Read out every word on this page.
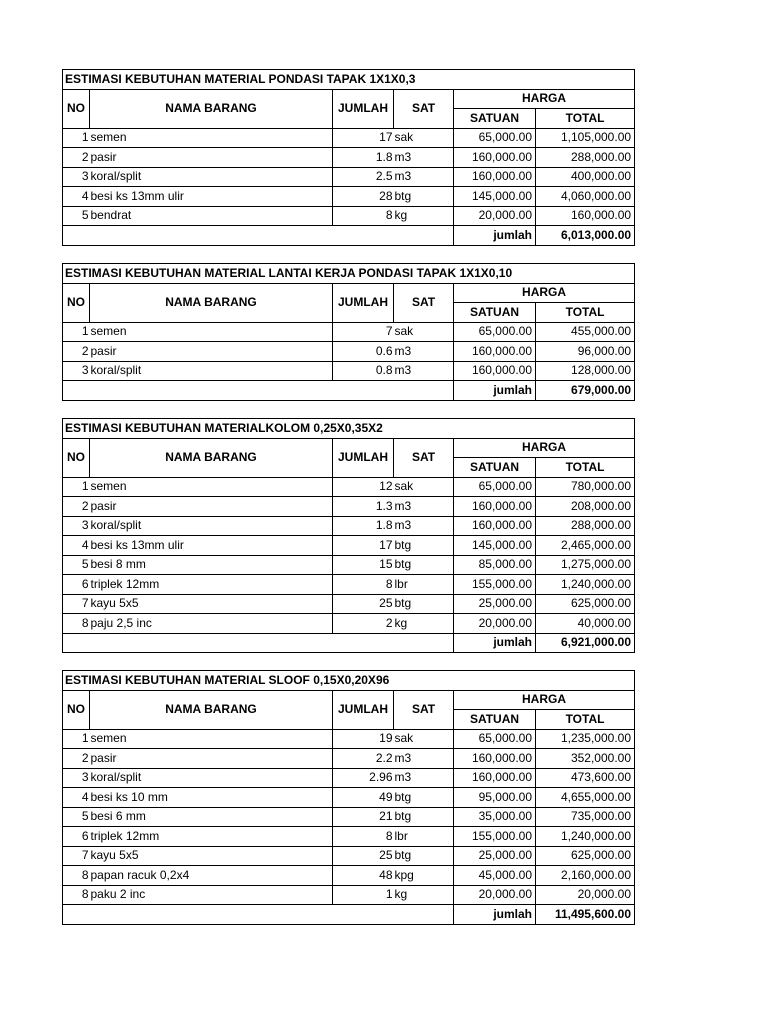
ESTIMASI KEBUTUHAN MATERIAL PONDASI TAPAK 1X1X0,3					
NO	NAMA BARANG	JUMLAH	SAT	HARGA	
				SATUAN	TOTAL
1	semen	17	sak	65,000.00	1,105,000.00
2	pasir	1.8	m3	160,000.00	288,000.00
3	koral/split	2.5	m3	160,000.00	400,000.00
4	besi ks 13mm ulir	28	btg	145,000.00	4,060,000.00
5	bendrat	8	kg	20,000.00	160,000.00
				jumlah	6,013,000.00
ESTIMASI KEBUTUHAN MATERIAL LANTAI KERJA PONDASI TAPAK 1X1X0,10					
NO	NAMA BARANG	JUMLAH	SAT	HARGA	
				SATUAN	TOTAL
1	semen	7	sak	65,000.00	455,000.00
2	pasir	0.6	m3	160,000.00	96,000.00
3	koral/split	0.8	m3	160,000.00	128,000.00
				jumlah	679,000.00
ESTIMASI KEBUTUHAN MATERIALKOLOM 0,25X0,35X2					
NO	NAMA BARANG	JUMLAH	SAT	HARGA	
				SATUAN	TOTAL
1	semen	12	sak	65,000.00	780,000.00
2	pasir	1.3	m3	160,000.00	208,000.00
3	koral/split	1.8	m3	160,000.00	288,000.00
4	besi ks 13mm ulir	17	btg	145,000.00	2,465,000.00
5	besi 8 mm	15	btg	85,000.00	1,275,000.00
6	triplek 12mm	8	lbr	155,000.00	1,240,000.00
7	kayu 5x5	25	btg	25,000.00	625,000.00
8	paju 2,5 inc	2	kg	20,000.00	40,000.00
				jumlah	6,921,000.00
ESTIMASI KEBUTUHAN MATERIAL SLOOF 0,15X0,20X96					
NO	NAMA BARANG	JUMLAH	SAT	HARGA	
				SATUAN	TOTAL
1	semen	19	sak	65,000.00	1,235,000.00
2	pasir	2.2	m3	160,000.00	352,000.00
3	koral/split	2.96	m3	160,000.00	473,600.00
4	besi ks 10 mm	49	btg	95,000.00	4,655,000.00
5	besi 6 mm	21	btg	35,000.00	735,000.00
6	triplek 12mm	8	lbr	155,000.00	1,240,000.00
7	kayu 5x5	25	btg	25,000.00	625,000.00
8	papan racuk 0,2x4	48	kpg	45,000.00	2,160,000.00
8	paku 2 inc	1	kg	20,000.00	20,000.00
				jumlah	11,495,600.00
